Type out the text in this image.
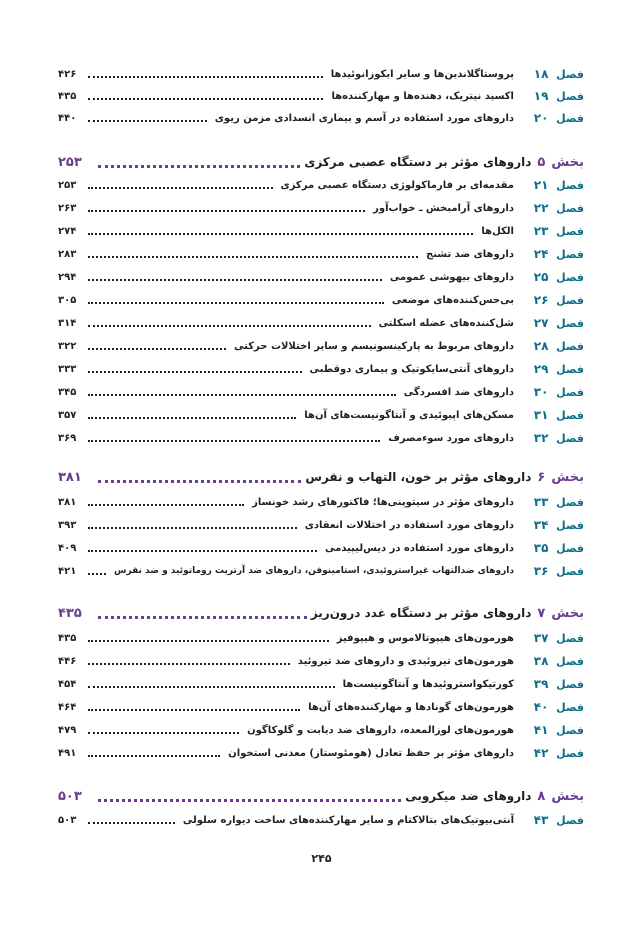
فصل
۱۸
پروستاگلاندین‌ها و سایر ایکوزانوئیدها
۴۲۶
فصل
۱۹
اکسید نیتریک، دهنده‌ها و مهارکننده‌ها
۴۳۵
فصل
۲۰
داروهای مورد استفاده در آسم و بیماری انسدادی مزمن ریوی
۴۴۰
بخش
۵
داروهای مؤثر بر دستگاه عصبی مرکزی
۲۵۳
فصل
۲۱
مقدمه‌ای بر فارماکولوژی دستگاه عصبی مرکزی
۲۵۳
فصل
۲۲
داروهای آرامبخش ـ خواب‌آور
۲۶۳
فصل
۲۳
الکل‌ها
۲۷۴
فصل
۲۴
داروهای ضد تشنج
۲۸۳
فصل
۲۵
داروهای بیهوشی عمومی
۲۹۴
فصل
۲۶
بی‌حس‌کننده‌های موضعی
۳۰۵
فصل
۲۷
شل‌کننده‌های عضله اسکلتی
۳۱۴
فصل
۲۸
داروهای مربوط به پارکینسونیسم و سایر اختلالات حرکتی
۳۲۲
فصل
۲۹
داروهای آنتی‌سایکوتیک و بیماری دوقطبی
۳۳۳
فصل
۳۰
داروهای ضد افسردگی
۳۴۵
فصل
۳۱
مسکن‌های اپیوئیدی و آنتاگونیست‌های آن‌ها
۳۵۷
فصل
۳۲
داروهای مورد سوءمصرف
۳۶۹
بخش
۶
داروهای مؤثر بر خون، التهاب و نقرس
۳۸۱
فصل
۳۳
داروهای مؤثر در سیتوپنی‌ها؛ فاکتورهای رشد خونساز
۳۸۱
فصل
۳۴
داروهای مورد استفاده در اختلالات انعقادی
۳۹۳
فصل
۳۵
داروهای مورد استفاده در دیس‌لیپیدمی
۴۰۹
فصل
۳۶
داروهای ضدالتهاب غیراستروئیدی، استامینوفن، داروهای ضد آرتریت روماتوئید و ضد نقرس
۴۲۱
بخش
۷
داروهای مؤثر بر دستگاه غدد درون‌ریز
۴۳۵
فصل
۳۷
هورمون‌های هیپوتالاموس و هیپوفیز
۴۳۵
فصل
۳۸
هورمون‌های تیروئیدی و داروهای ضد تیروئید
۴۴۶
فصل
۳۹
کورتیکواستروئیدها و آنتاگونیست‌ها
۴۵۴
فصل
۴۰
هورمون‌های گونادها و مهارکننده‌های آن‌ها
۴۶۴
فصل
۴۱
هورمون‌های لوزالمعده، داروهای ضد دیابت و گلوکاگون
۴۷۹
فصل
۴۲
داروهای مؤثر بر حفظ تعادل (هومئوستاز) معدنی استخوان
۴۹۱
بخش
۸
داروهای ضد میکروبی
۵۰۳
فصل
۴۳
آنتی‌بیوتیک‌های بتالاکتام و سایر مهارکننده‌های ساخت دیواره سلولی
۵۰۳
۲۴۵
